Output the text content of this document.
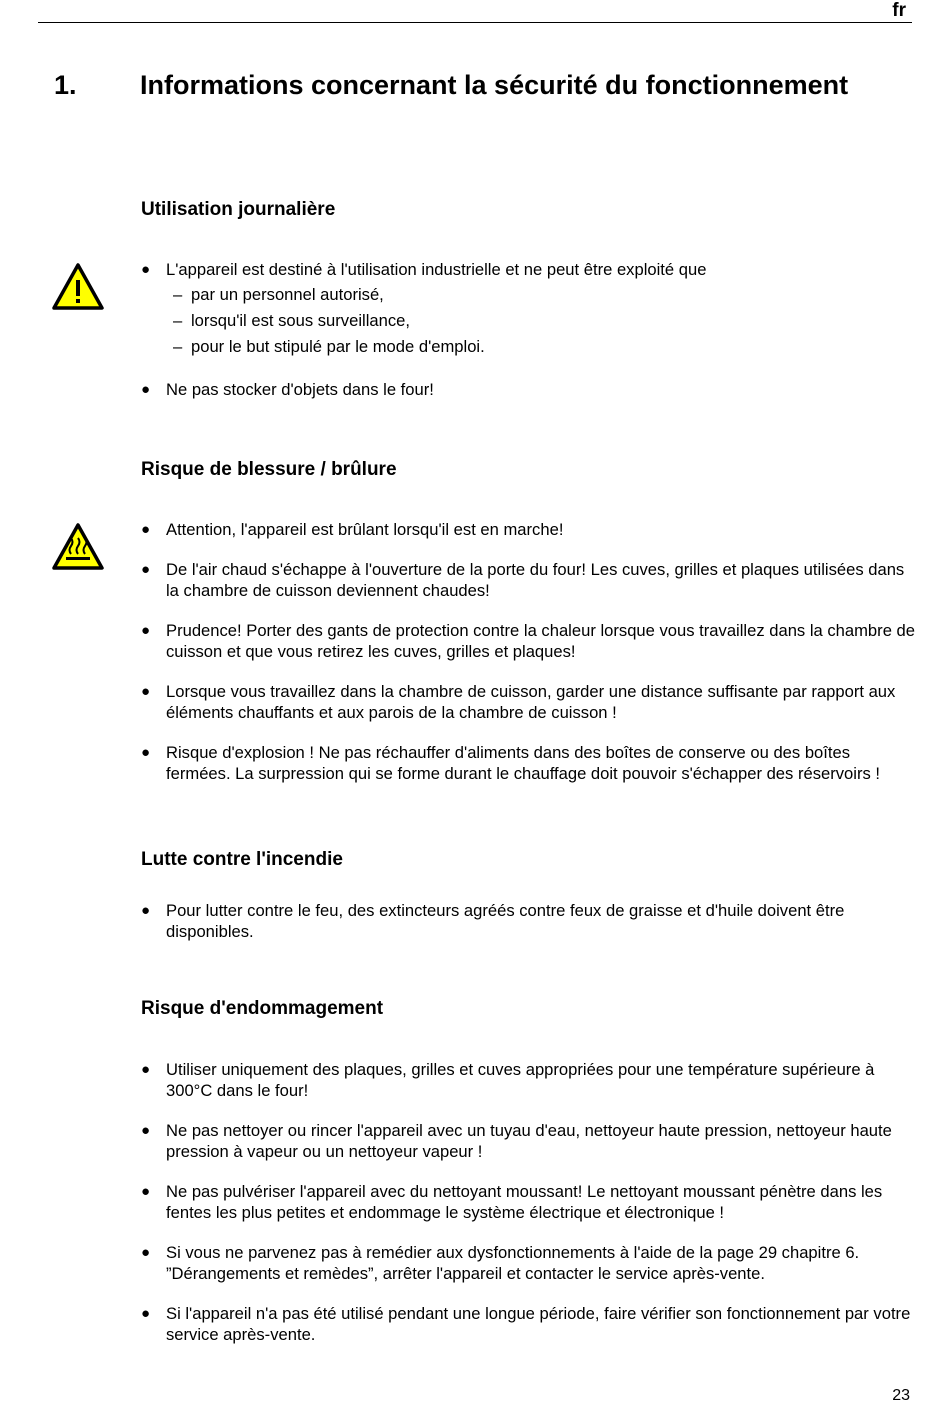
fr
1. Informations concernant la sécurité du fonctionnement
Utilisation journalière
● L'appareil est destiné à l'utilisation industrielle et ne peut être exploité que
– par un personnel autorisé,
– lorsqu'il est sous surveillance,
– pour le but stipulé par le mode d'emploi.
● Ne pas stocker d'objets dans le four!
Risque de blessure / brûlure
● Attention, l'appareil est brûlant lorsqu'il est en marche!
● De l'air chaud s'échappe à l'ouverture de la porte du four! Les cuves, grilles et plaques utilisées dans la chambre de cuisson deviennent chaudes!
● Prudence! Porter des gants de protection contre la chaleur lorsque vous travaillez dans la chambre de cuisson et que vous retirez les cuves, grilles et plaques!
● Lorsque vous travaillez dans la chambre de cuisson, garder une distance suffisante par rapport aux éléments chauffants et aux parois de la chambre de cuisson !
● Risque d'explosion ! Ne pas réchauffer d'aliments dans des boîtes de conserve ou des boîtes fermées. La surpression qui se forme durant le chauffage doit pouvoir s'échapper des réservoirs !
Lutte contre l'incendie
● Pour lutter contre le feu, des extincteurs agréés contre feux de graisse et d'huile doivent être disponibles.
Risque d'endommagement
● Utiliser uniquement des plaques, grilles et cuves appropriées pour une température supérieure à 300°C dans le four!
● Ne pas nettoyer ou rincer l'appareil avec un tuyau d'eau, nettoyeur haute pression, nettoyeur haute pression à vapeur ou un nettoyeur vapeur !
● Ne pas pulvériser l'appareil avec du nettoyant moussant! Le nettoyant moussant pénètre dans les fentes les plus petites et endommage le système électrique et électronique !
● Si vous ne parvenez pas à remédier aux dysfonctionnements à l'aide de la page 29 chapitre 6. ”Dérangements et remèdes”, arrêter l'appareil et contacter le service après-vente.
● Si l'appareil n'a pas été utilisé pendant une longue période, faire vérifier son fonctionnement par votre service après-vente.
23
